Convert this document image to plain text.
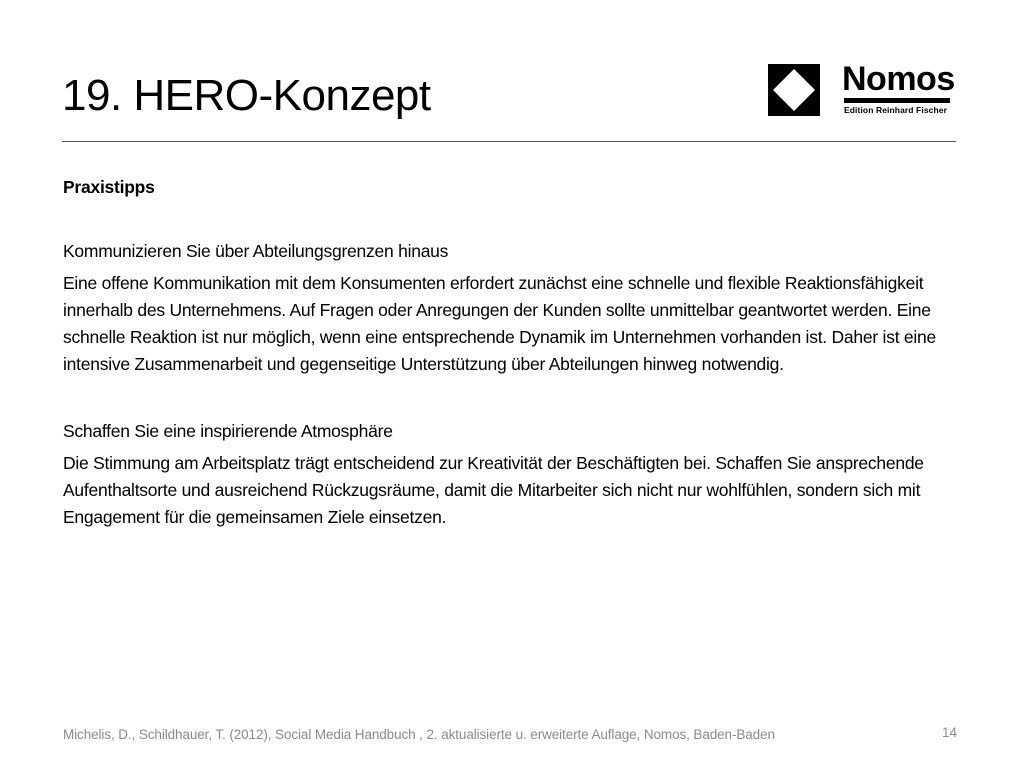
19. HERO-Konzept	Nomos
Edition Reinhard Fischer

Praxistipps

Kommunizieren Sie über Abteilungsgrenzen hinaus

Eine offene Kommunikation mit dem Konsumenten erfordert zunächst eine schnelle und flexible Reaktionsfähigkeit innerhalb des Unternehmens. Auf Fragen oder Anregungen der Kunden sollte unmittelbar geantwortet werden. Eine schnelle Reaktion ist nur möglich, wenn eine entsprechende Dynamik im Unternehmen vorhanden ist. Daher ist eine intensive Zusammenarbeit und gegenseitige Unterstützung über Abteilungen hinweg notwendig.

Schaffen Sie eine inspirierende Atmosphäre

Die Stimmung am Arbeitsplatz trägt entscheidend zur Kreativität der Beschäftigten bei. Schaffen Sie ansprechende Aufenthaltsorte und ausreichend Rückzugsräume, damit die Mitarbeiter sich nicht nur wohlfühlen, sondern sich mit Engagement für die gemeinsamen Ziele einsetzen.

Michelis, D., Schildhauer, T. (2012), Social Media Handbuch , 2. aktualisierte u. erweiterte Auflage, Nomos, Baden-Baden	14
